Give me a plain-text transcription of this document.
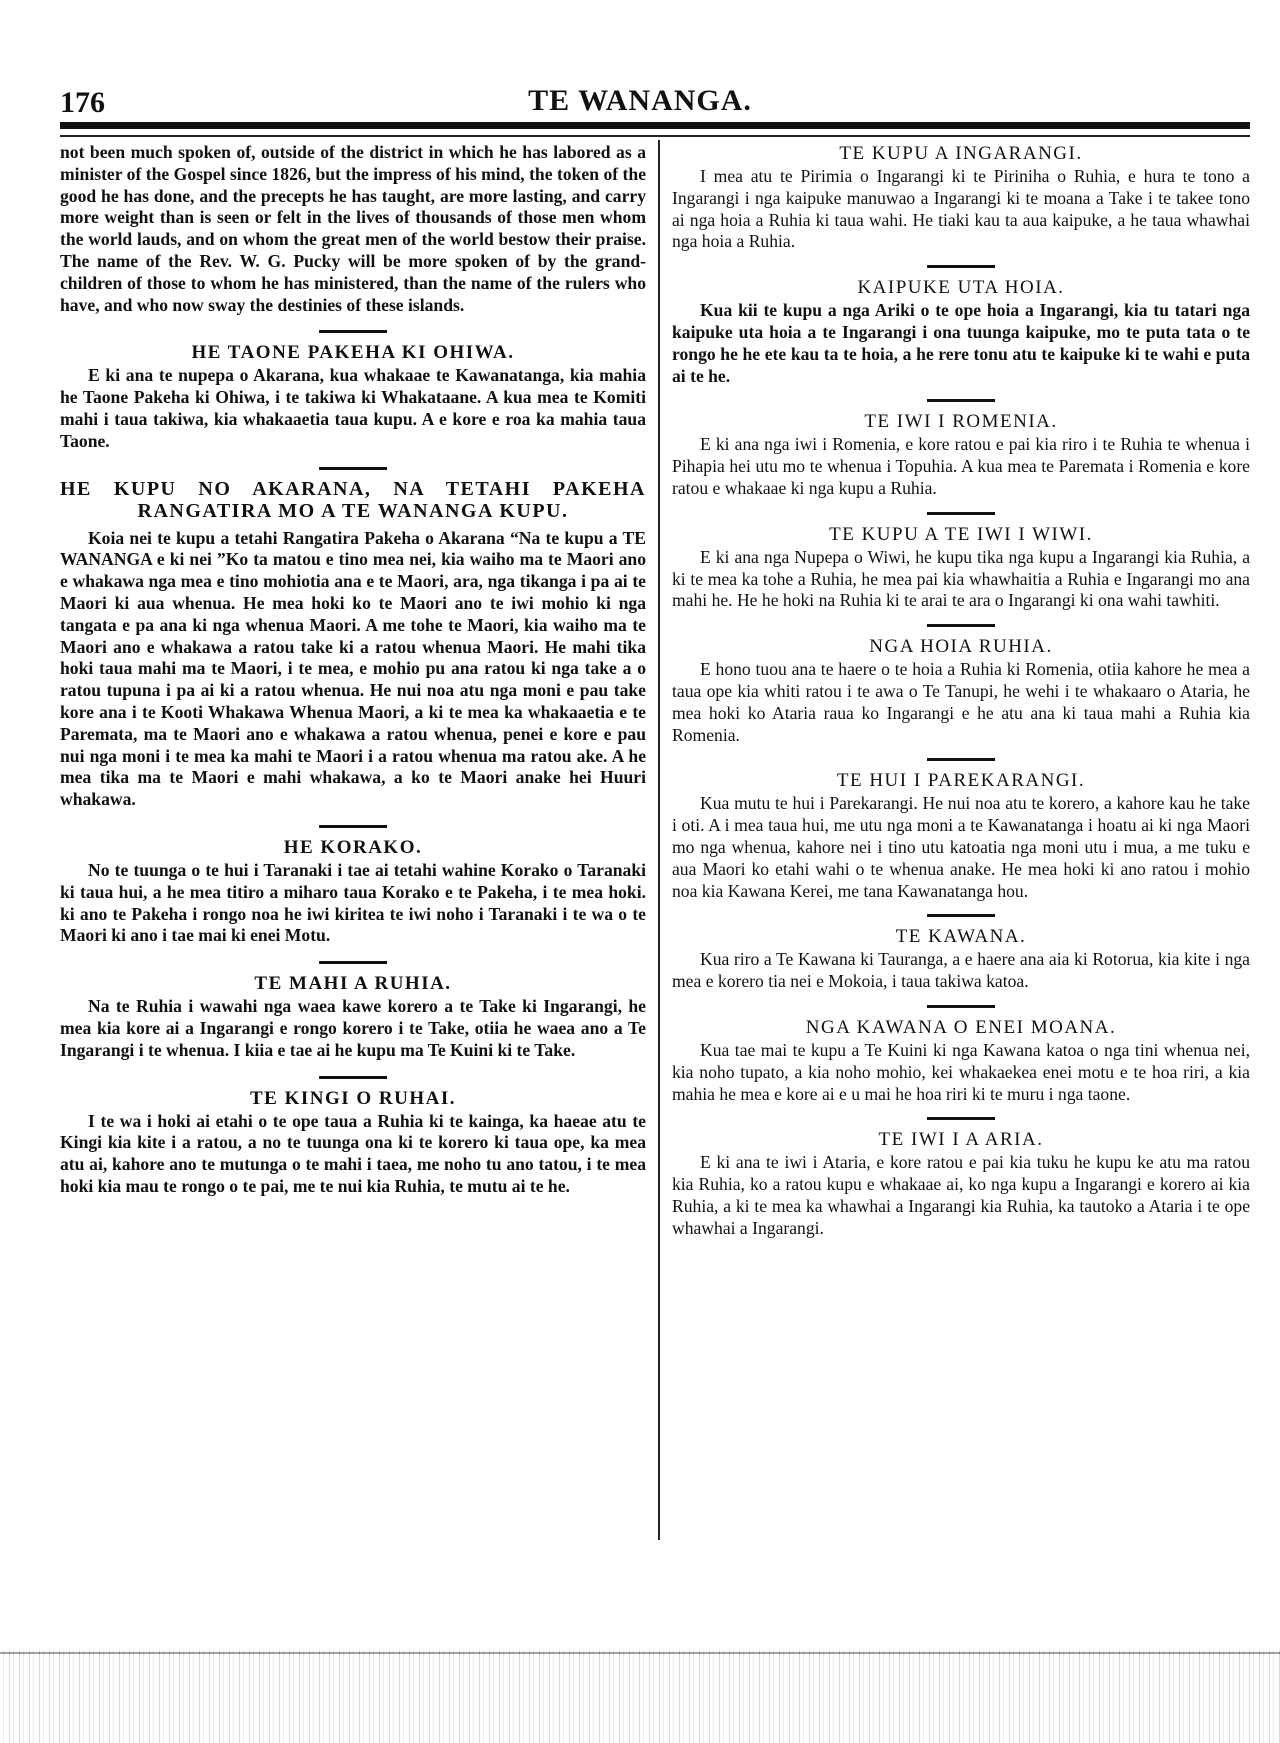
176	TE WANANGA.

not been much spoken of, outside of the district in which he has labored as a minister of the Gospel since 1826, but the impress of his mind, the token of the good he has done, and the precepts he has taught, are more lasting, and carry more weight than is seen or felt in the lives of thousands of those men whom the world lauds, and on whom the great men of the world bestow their praise. The name of the Rev. W. G. Pucky will be more spoken of by the grand-children of those to whom he has ministered, than the name of the rulers who have, and who now sway the destinies of these islands.

HE TAONE PAKEHA KI OHIWA.

E ki ana te nupepa o Akarana, kua whakaae te Kawanatanga, kia mahia he Taone Pakeha ki Ohiwa, i te takiwa ki Whakataane. A kua mea te Komiti mahi i taua takiwa, kia whakaaetia taua kupu. A e kore e roa ka mahia taua Taone.

HE KUPU NO AKARANA, NA TETAHI PAKEHA RANGATIRA MO A TE WANANGA KUPU.

Koia nei te kupu a tetahi Rangatira Pakeha o Akarana “Na te kupu a TE WANANGA e ki nei ”Ko ta matou e tino mea nei, kia waiho ma te Maori ano e whakawa nga mea e tino mohiotia ana e te Maori, ara, nga tikanga i pa ai te Maori ki aua whenua. He mea hoki ko te Maori ano te iwi mohio ki nga tangata e pa ana ki nga whenua Maori. A me tohe te Maori, kia waiho ma te Maori ano e whakawa a ratou take ki a ratou whenua Maori. He mahi tika hoki taua mahi ma te Maori, i te mea, e mohio pu ana ratou ki nga take a o ratou tupuna i pa ai ki a ratou whenua. He nui noa atu nga moni e pau take kore ana i te Kooti Whakawa Whenua Maori, a ki te mea ka whakaaetia e te Paremata, ma te Maori ano e whakawa a ratou whenua, penei e kore e pau nui nga moni i te mea ka mahi te Maori i a ratou whenua ma ratou ake. A he mea tika ma te Maori e mahi whakawa, a ko te Maori anake hei Huuri whakawa.

HE KORAKO.

No te tuunga o te hui i Taranaki i tae ai tetahi wahine Korako o Taranaki ki taua hui, a he mea titiro a miharo taua Korako e te Pakeha, i te mea hoki. ki ano te Pakeha i rongo noa he iwi kiritea te iwi noho i Taranaki i te wa o te Maori ki ano i tae mai ki enei Motu.

TE MAHI A RUHIA.

Na te Ruhia i wawahi nga waea kawe korero a te Take ki Ingarangi, he mea kia kore ai a Ingarangi e rongo korero i te Take, otiia he waea ano a Te Ingarangi i te whenua. I kiia e tae ai he kupu ma Te Kuini ki te Take.

TE KINGI O RUHAI.

I te wa i hoki ai etahi o te ope taua a Ruhia ki te kainga, ka haeae atu te Kingi kia kite i a ratou, a no te tuunga ona ki te korero ki taua ope, ka mea atu ai, kahore ano te mutunga o te mahi i taea, me noho tu ano tatou, i te mea hoki kia mau te rongo o te pai, me te nui kia Ruhia, te mutu ai te he.

TE KUPU A INGARANGI.

I mea atu te Pirimia o Ingarangi ki te Piriniha o Ruhia, e hura te tono a Ingarangi i nga kaipuke manuwao a Ingarangi ki te moana a Take i te takee tono ai nga hoia a Ruhia ki taua wahi. He tiaki kau ta aua kaipuke, a he taua whawhai nga hoia a Ruhia.

KAIPUKE UTA HOIA.

Kua kii te kupu a nga Ariki o te ope hoia a Ingarangi, kia tu tatari nga kaipuke uta hoia a te Ingarangi i ona tuunga kaipuke, mo te puta tata o te rongo he he ete kau ta te hoia, a he rere tonu atu te kaipuke ki te wahi e puta ai te he.

TE IWI I ROMENIA.

E ki ana nga iwi i Romenia, e kore ratou e pai kia riro i te Ruhia te whenua i Pihapia hei utu mo te whenua i Topuhia. A kua mea te Paremata i Romenia e kore ratou e whakaae ki nga kupu a Ruhia.

TE KUPU A TE IWI I WIWI.

E ki ana nga Nupepa o Wiwi, he kupu tika nga kupu a Ingarangi kia Ruhia, a ki te mea ka tohe a Ruhia, he mea pai kia whawhaitia a Ruhia e Ingarangi mo ana mahi he. He he hoki na Ruhia ki te arai te ara o Ingarangi ki ona wahi tawhiti.

NGA HOIA RUHIA.

E hono tuou ana te haere o te hoia a Ruhia ki Romenia, otiia kahore he mea a taua ope kia whiti ratou i te awa o Te Tanupi, he wehi i te whakaaro o Ataria, he mea hoki ko Ataria raua ko Ingarangi e he atu ana ki taua mahi a Ruhia kia Romenia.

TE HUI I PAREKARANGI.

Kua mutu te hui i Parekarangi. He nui noa atu te korero, a kahore kau he take i oti. A i mea taua hui, me utu nga moni a te Kawanatanga i hoatu ai ki nga Maori mo nga whenua, kahore nei i tino utu katoatia nga moni utu i mua, a me tuku e aua Maori ko etahi wahi o te whenua anake. He mea hoki ki ano ratou i mohio noa kia Kawana Kerei, me tana Kawanatanga hou.

TE KAWANA.

Kua riro a Te Kawana ki Tauranga, a e haere ana aia ki Rotorua, kia kite i nga mea e korero tia nei e Mokoia, i taua takiwa katoa.

NGA KAWANA O ENEI MOANA.

Kua tae mai te kupu a Te Kuini ki nga Kawana katoa o nga tini whenua nei, kia noho tupato, a kia noho mohio, kei whakaekea enei motu e te hoa riri, a kia mahia he mea e kore ai e u mai he hoa riri ki te muru i nga taone.

TE IWI I A ARIA.

E ki ana te iwi i Ataria, e kore ratou e pai kia tuku he kupu ke atu ma ratou kia Ruhia, ko a ratou kupu e whakaae ai, ko nga kupu a Ingarangi e korero ai kia Ruhia, a ki te mea ka whawhai a Ingarangi kia Ruhia, ka tautoko a Ataria i te ope whawhai a Ingarangi.
